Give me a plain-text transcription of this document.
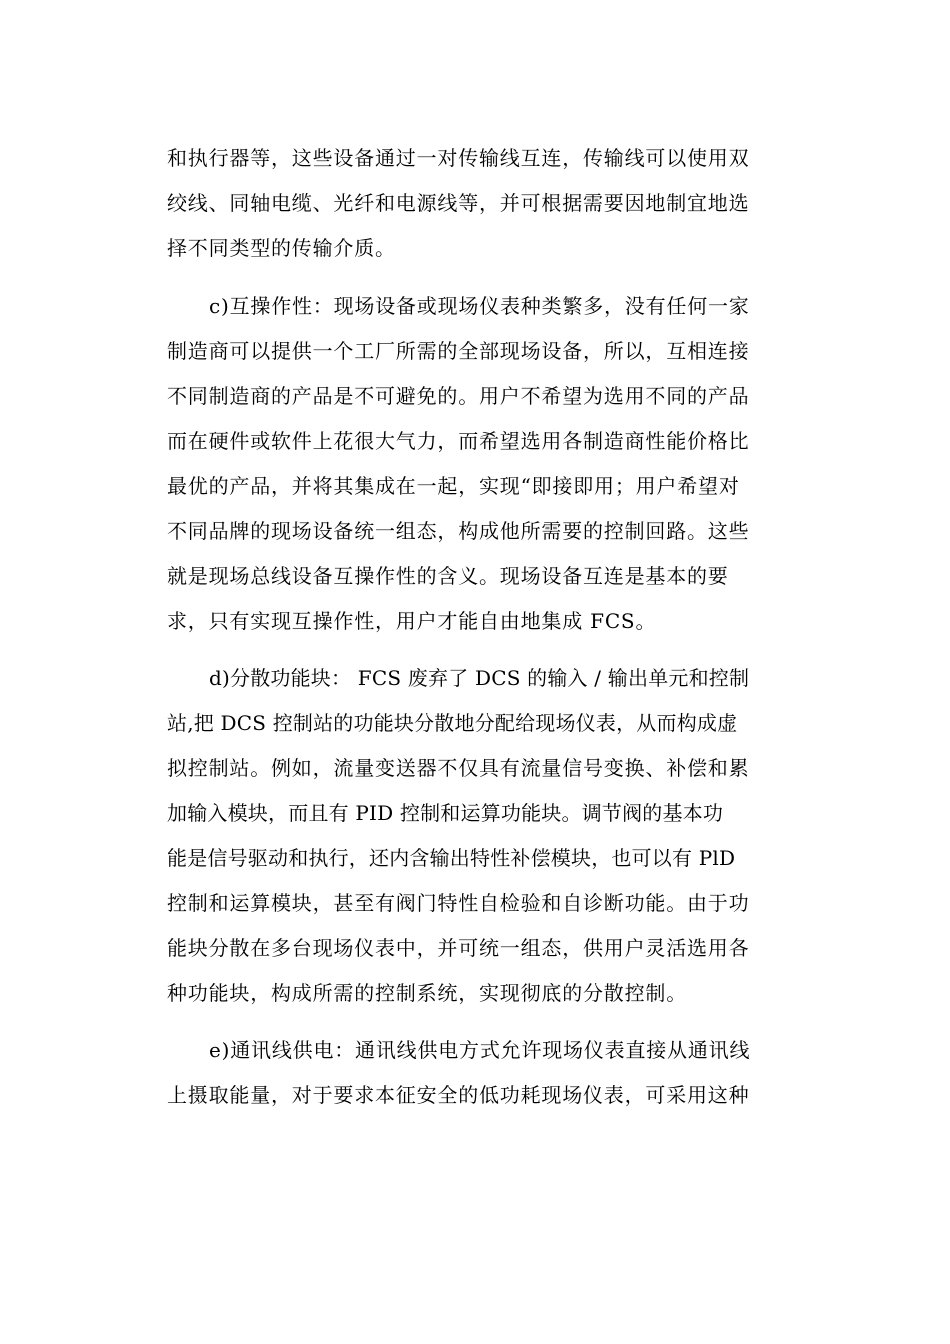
和执行器等，这些设备通过一对传输线互连，传输线可以使用双
绞线、同轴电缆、光纤和电源线等，并可根据需要因地制宜地选
择不同类型的传输介质。
c)互操作性：现场设备或现场仪表种类繁多，没有任何一家
制造商可以提供一个工厂所需的全部现场设备，所以，互相连接
不同制造商的产品是不可避免的。用户不希望为选用不同的产品
而在硬件或软件上花很大气力，而希望选用各制造商性能价格比
最优的产品，并将其集成在一起，实现“即接即用；用户希望对
不同品牌的现场设备统一组态，构成他所需要的控制回路。这些
就是现场总线设备互操作性的含义。现场设备互连是基本的要
求，只有实现互操作性，用户才能自由地集成 FCS。
d)分散功能块： FCS 废弃了 DCS 的输入 / 输出单元和控制
站,把 DCS 控制站的功能块分散地分配给现场仪表，从而构成虚
拟控制站。例如，流量变送器不仅具有流量信号变换、补偿和累
加输入模块，而且有 PID 控制和运算功能块。调节阀的基本功
能是信号驱动和执行，还内含输出特性补偿模块，也可以有 PlD
控制和运算模块，甚至有阀门特性自检验和自诊断功能。由于功
能块分散在多台现场仪表中，并可统一组态，供用户灵活选用各
种功能块，构成所需的控制系统，实现彻底的分散控制。
e)通讯线供电：通讯线供电方式允许现场仪表直接从通讯线
上摄取能量，对于要求本征安全的低功耗现场仪表，可采用这种
